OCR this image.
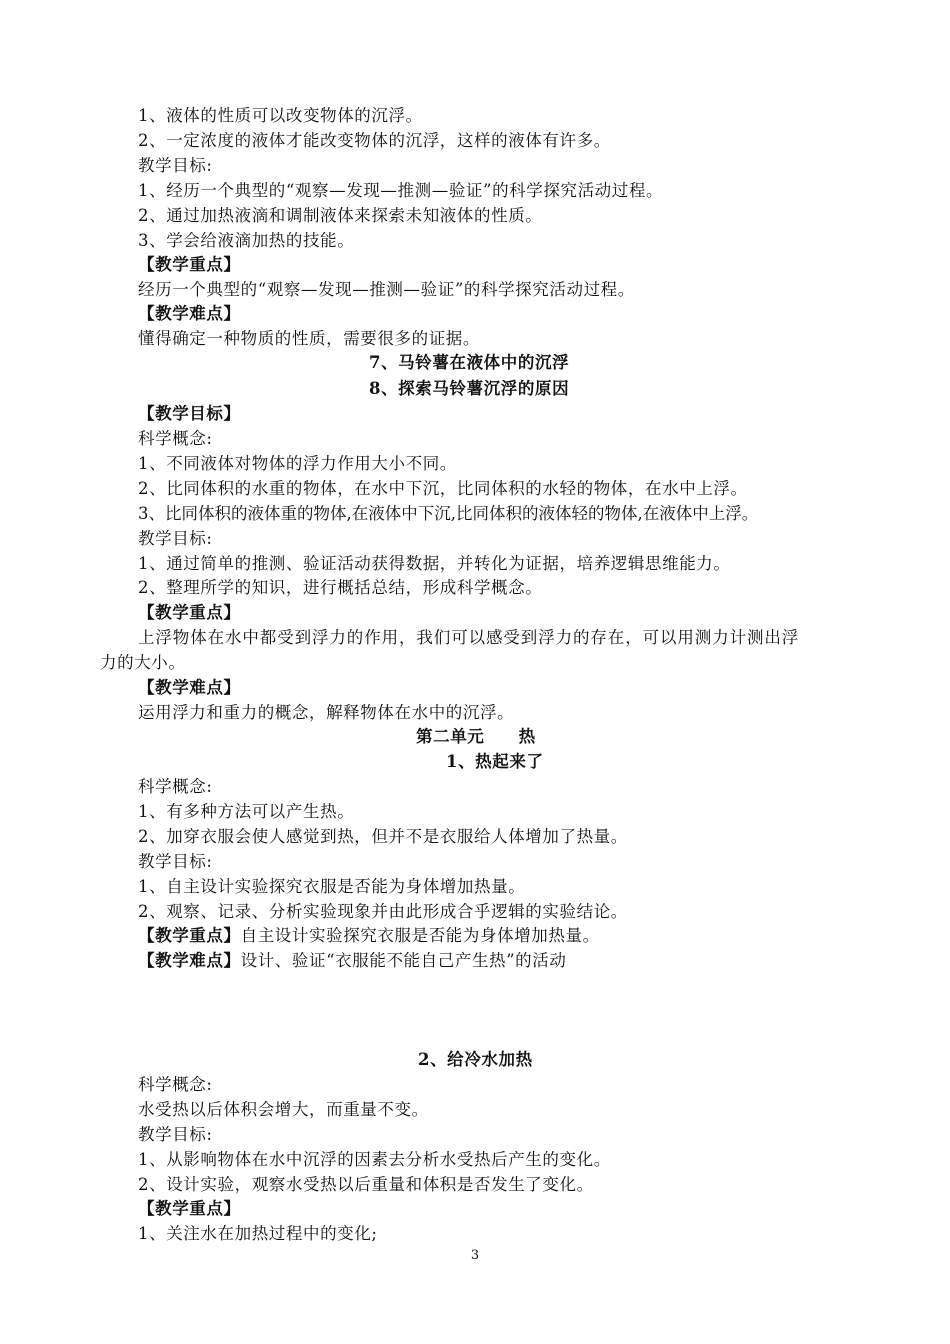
1、液体的性质可以改变物体的沉浮。
2、一定浓度的液体才能改变物体的沉浮，这样的液体有许多。
教学目标:
1、经历一个典型的“观察—发现—推测—验证”的科学探究活动过程。
2、通过加热液滴和调制液体来探索未知液体的性质。
3、学会给液滴加热的技能。
【教学重点】
经历一个典型的“观察—发现—推测—验证”的科学探究活动过程。
【教学难点】
懂得确定一种物质的性质，需要很多的证据。
7、马铃薯在液体中的沉浮
8、探索马铃薯沉浮的原因
【教学目标】
科学概念:
1、不同液体对物体的浮力作用大小不同。
2、比同体积的水重的物体，在水中下沉，比同体积的水轻的物体，在水中上浮。
3、比同体积的液体重的物体,在液体中下沉,比同体积的液体轻的物体,在液体中上浮。
教学目标:
1、通过简单的推测、验证活动获得数据，并转化为证据，培养逻辑思维能力。
2、整理所学的知识，进行概括总结，形成科学概念。
【教学重点】
上浮物体在水中都受到浮力的作用，我们可以感受到浮力的存在，可以用测力计测出浮
力的大小。
【教学难点】
运用浮力和重力的概念，解释物体在水中的沉浮。
第二单元　　热
1、热起来了
科学概念:
1、有多种方法可以产生热。
2、加穿衣服会使人感觉到热，但并不是衣服给人体增加了热量。
教学目标:
1、自主设计实验探究衣服是否能为身体增加热量。
2、观察、记录、分析实验现象并由此形成合乎逻辑的实验结论。
【教学重点】自主设计实验探究衣服是否能为身体增加热量。
【教学难点】设计、验证“衣服能不能自己产生热”的活动
2、给冷水加热
科学概念:
水受热以后体积会增大，而重量不变。
教学目标:
1、从影响物体在水中沉浮的因素去分析水受热后产生的变化。
2、设计实验，观察水受热以后重量和体积是否发生了变化。
【教学重点】
1、关注水在加热过程中的变化;
3
